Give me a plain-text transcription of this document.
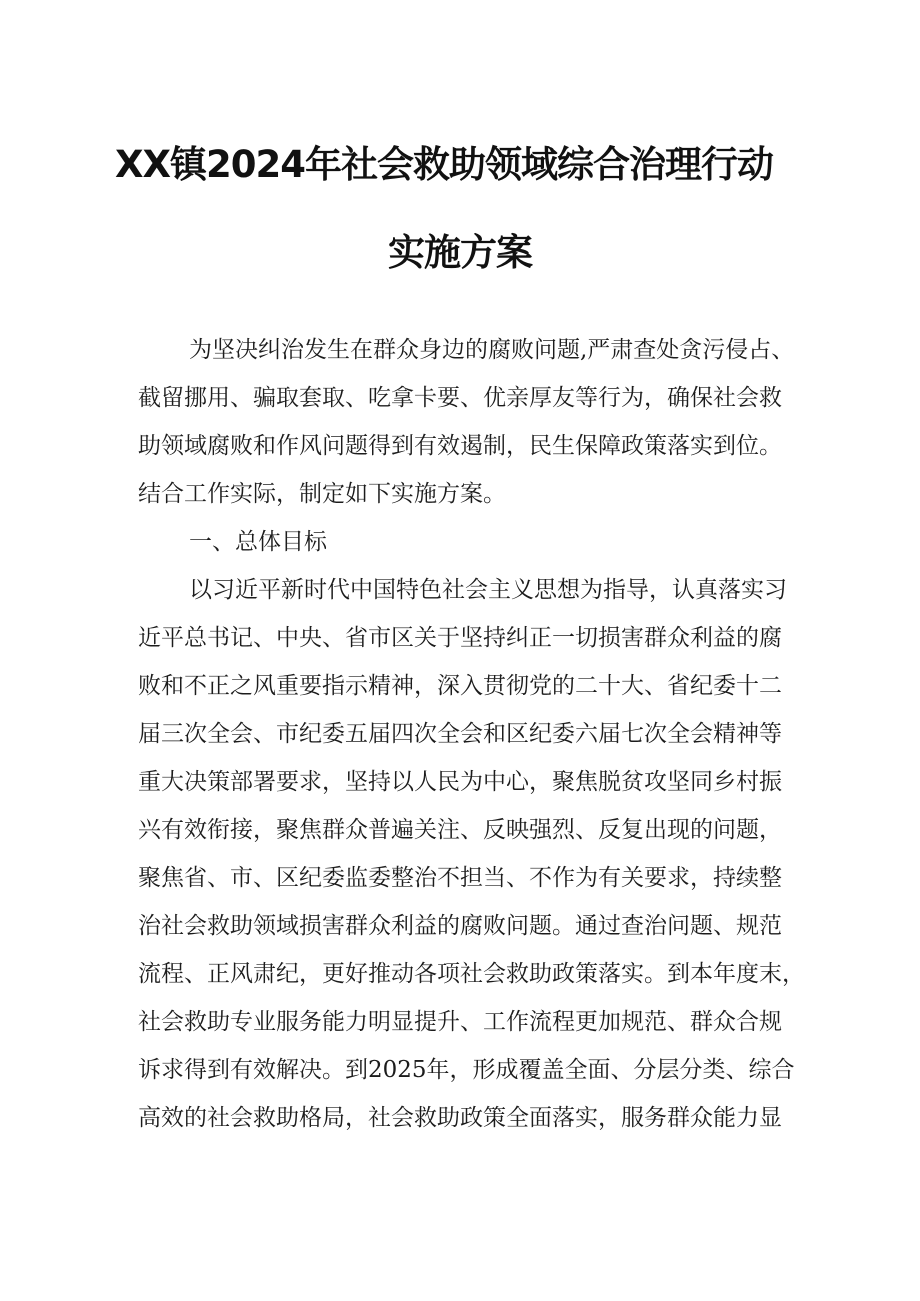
XX镇2024年社会救助领域综合治理行动
实施方案
为坚决纠治发生在群众身边的腐败问题,严肃查处贪污侵占、
截留挪用、骗取套取、吃拿卡要、优亲厚友等行为，确保社会救
助领域腐败和作风问题得到有效遏制，民生保障政策落实到位。
结合工作实际，制定如下实施方案。
一、总体目标
以习近平新时代中国特色社会主义思想为指导，认真落实习
近平总书记、中央、省市区关于坚持纠正一切损害群众利益的腐
败和不正之风重要指示精神，深入贯彻党的二十大、省纪委十二
届三次全会、市纪委五届四次全会和区纪委六届七次全会精神等
重大决策部署要求，坚持以人民为中心，聚焦脱贫攻坚同乡村振
兴有效衔接，聚焦群众普遍关注、反映强烈、反复出现的问题，
聚焦省、市、区纪委监委整治不担当、不作为有关要求，持续整
治社会救助领域损害群众利益的腐败问题。通过查治问题、规范
流程、正风肃纪，更好推动各项社会救助政策落实。到本年度末，
社会救助专业服务能力明显提升、工作流程更加规范、群众合规
诉求得到有效解决。到2025年，形成覆盖全面、分层分类、综合
高效的社会救助格局，社会救助政策全面落实，服务群众能力显
